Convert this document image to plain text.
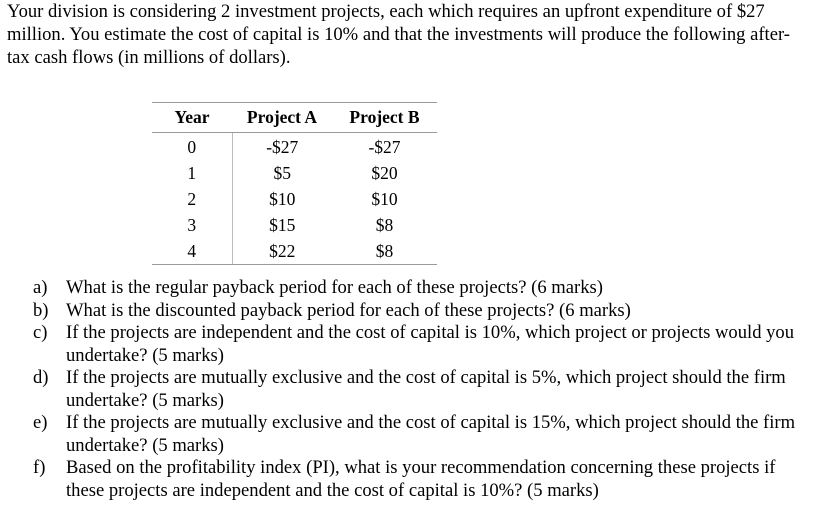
Your division is considering 2 investment projects, each which requires an upfront expenditure of $27 million. You estimate the cost of capital is 10% and that the investments will produce the following after-tax cash flows (in millions of dollars).

Year	Project A	Project B
0	-$27	-$27
1	$5	$20
2	$10	$10
3	$15	$8
4	$22	$8
a) What is the regular payback period for each of these projects? (6 marks)
b) What is the discounted payback period for each of these projects? (6 marks)
c) If the projects are independent and the cost of capital is 10%, which project or projects would you undertake? (5 marks)
d) If the projects are mutually exclusive and the cost of capital is 5%, which project should the firm undertake? (5 marks)
e) If the projects are mutually exclusive and the cost of capital is 15%, which project should the firm undertake? (5 marks)
f) Based on the profitability index (PI), what is your recommendation concerning these projects if these projects are independent and the cost of capital is 10%? (5 marks)
